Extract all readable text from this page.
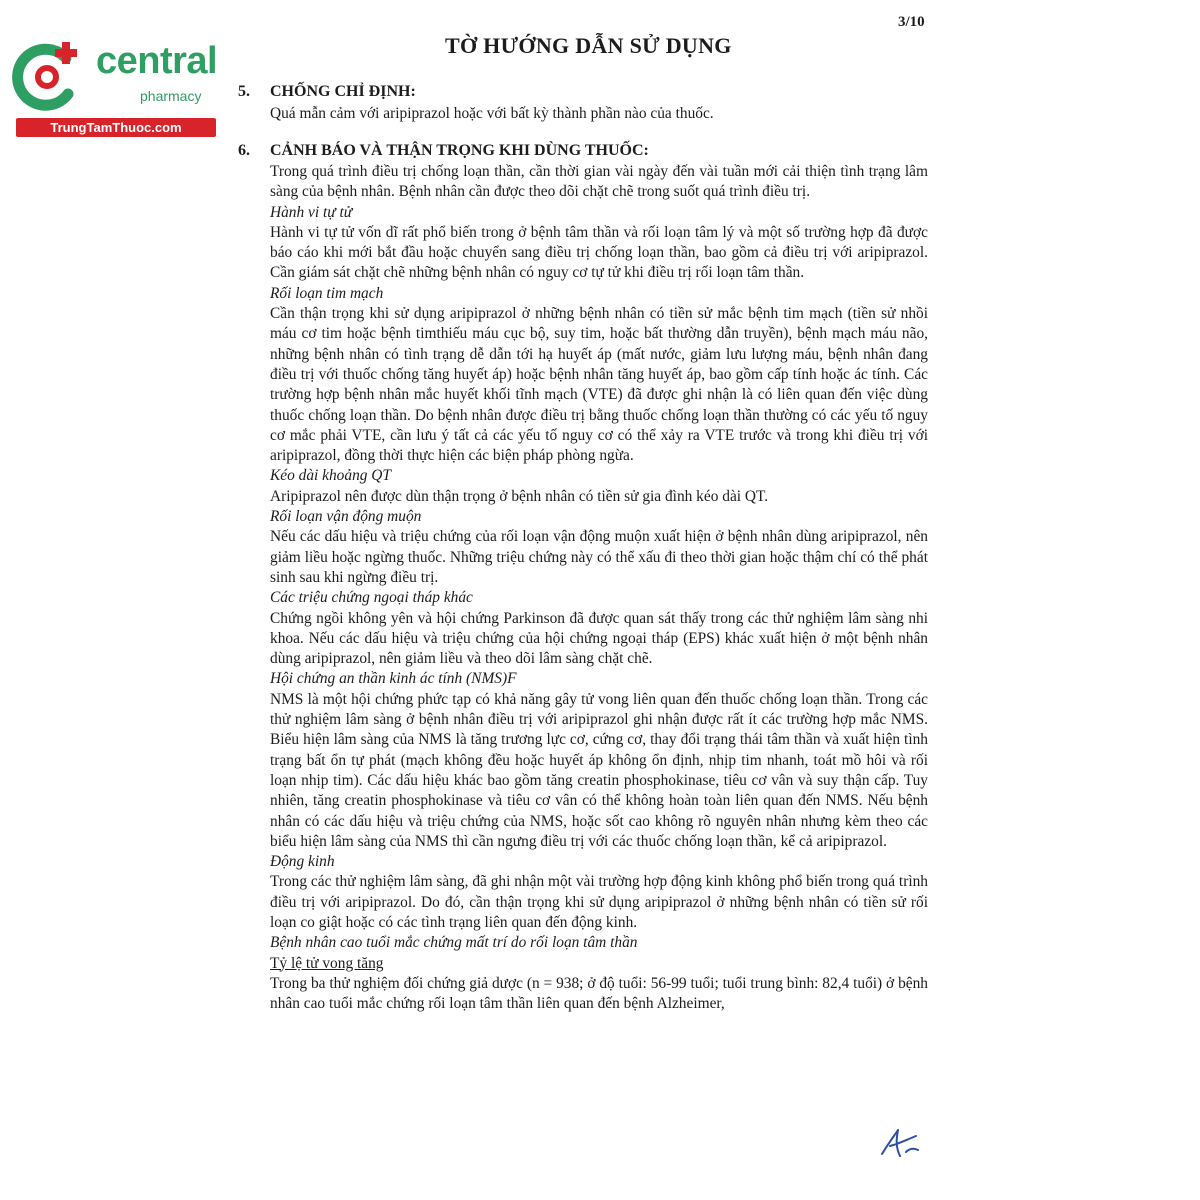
central
pharmacy
TrungTamThuoc.com
3/10
TỜ HƯỚNG DẪN SỬ DỤNG
5. CHỐNG CHỈ ĐỊNH:

Quá mẫn cảm với aripiprazol hoặc với bất kỳ thành phần nào của thuốc.

6. CẢNH BÁO VÀ THẬN TRỌNG KHI DÙNG THUỐC:

Trong quá trình điều trị chống loạn thần, cần thời gian vài ngày đến vài tuần mới cải thiện tình trạng lâm sàng của bệnh nhân. Bệnh nhân cần được theo dõi chặt chẽ trong suốt quá trình điều trị.

Hành vi tự tử

Hành vi tự tử vốn dĩ rất phổ biến trong ở bệnh tâm thần và rối loạn tâm lý và một số trường hợp đã được báo cáo khi mới bắt đầu hoặc chuyển sang điều trị chống loạn thần, bao gồm cả điều trị với aripiprazol. Cần giám sát chặt chẽ những bệnh nhân có nguy cơ tự tử khi điều trị rối loạn tâm thần.

Rối loạn tim mạch

Cần thận trọng khi sử dụng aripiprazol ở những bệnh nhân có tiền sử mắc bệnh tim mạch (tiền sử nhồi máu cơ tim hoặc bệnh timthiếu máu cục bộ, suy tim, hoặc bất thường dẫn truyền), bệnh mạch máu não, những bệnh nhân có tình trạng dễ dẫn tới hạ huyết áp (mất nước, giảm lưu lượng máu, bệnh nhân đang điều trị với thuốc chống tăng huyết áp) hoặc bệnh nhân tăng huyết áp, bao gồm cấp tính hoặc ác tính. Các trường hợp bệnh nhân mắc huyết khối tĩnh mạch (VTE) đã được ghi nhận là có liên quan đến việc dùng thuốc chống loạn thần. Do bệnh nhân được điều trị bằng thuốc chống loạn thần thường có các yếu tố nguy cơ mắc phải VTE, cần lưu ý tất cả các yếu tố nguy cơ có thể xảy ra VTE trước và trong khi điều trị với aripiprazol, đồng thời thực hiện các biện pháp phòng ngừa.

Kéo dài khoảng QT

Aripiprazol nên được dùn thận trọng ở bệnh nhân có tiền sử gia đình kéo dài QT.

Rối loạn vận động muộn

Nếu các dấu hiệu và triệu chứng của rối loạn vận động muộn xuất hiện ở bệnh nhân dùng aripiprazol, nên giảm liều hoặc ngừng thuốc. Những triệu chứng này có thể xấu đi theo thời gian hoặc thậm chí có thể phát sinh sau khi ngừng điều trị.

Các triệu chứng ngoại tháp khác

Chứng ngồi không yên và hội chứng Parkinson đã được quan sát thấy trong các thử nghiệm lâm sàng nhi khoa. Nếu các dấu hiệu và triệu chứng của hội chứng ngoại tháp (EPS) khác xuất hiện ở một bệnh nhân dùng aripiprazol, nên giảm liều và theo dõi lâm sàng chặt chẽ.

Hội chứng an thần kinh ác tính (NMS)F

NMS là một hội chứng phức tạp có khả năng gây tử vong liên quan đến thuốc chống loạn thần. Trong các thử nghiệm lâm sàng ở bệnh nhân điều trị với aripiprazol ghi nhận được rất ít các trường hợp mắc NMS. Biểu hiện lâm sàng của NMS là tăng trương lực cơ, cứng cơ, thay đổi trạng thái tâm thần và xuất hiện tình trạng bất ổn tự phát (mạch không đều hoặc huyết áp không ổn định, nhịp tim nhanh, toát mồ hôi và rối loạn nhịp tim). Các dấu hiệu khác bao gồm tăng creatin phosphokinase, tiêu cơ vân và suy thận cấp. Tuy nhiên, tăng creatin phosphokinase và tiêu cơ vân có thể không hoàn toàn liên quan đến NMS. Nếu bệnh nhân có các dấu hiệu và triệu chứng của NMS, hoặc sốt cao không rõ nguyên nhân nhưng kèm theo các biểu hiện lâm sàng của NMS thì cần ngưng điều trị với các thuốc chống loạn thần, kể cả aripiprazol.

Động kinh

Trong các thử nghiệm lâm sàng, đã ghi nhận một vài trường hợp động kinh không phổ biến trong quá trình điều trị với aripiprazol. Do đó, cần thận trọng khi sử dụng aripiprazol ở những bệnh nhân có tiền sử rối loạn co giật hoặc có các tình trạng liên quan đến động kinh.

Bệnh nhân cao tuổi mắc chứng mất trí do rối loạn tâm thần

Tỷ lệ tử vong tăng

Trong ba thử nghiệm đối chứng giả dược (n = 938; ở độ tuổi: 56-99 tuổi; tuổi trung bình: 82,4 tuổi) ở bệnh nhân cao tuổi mắc chứng rối loạn tâm thần liên quan đến bệnh Alzheimer,
